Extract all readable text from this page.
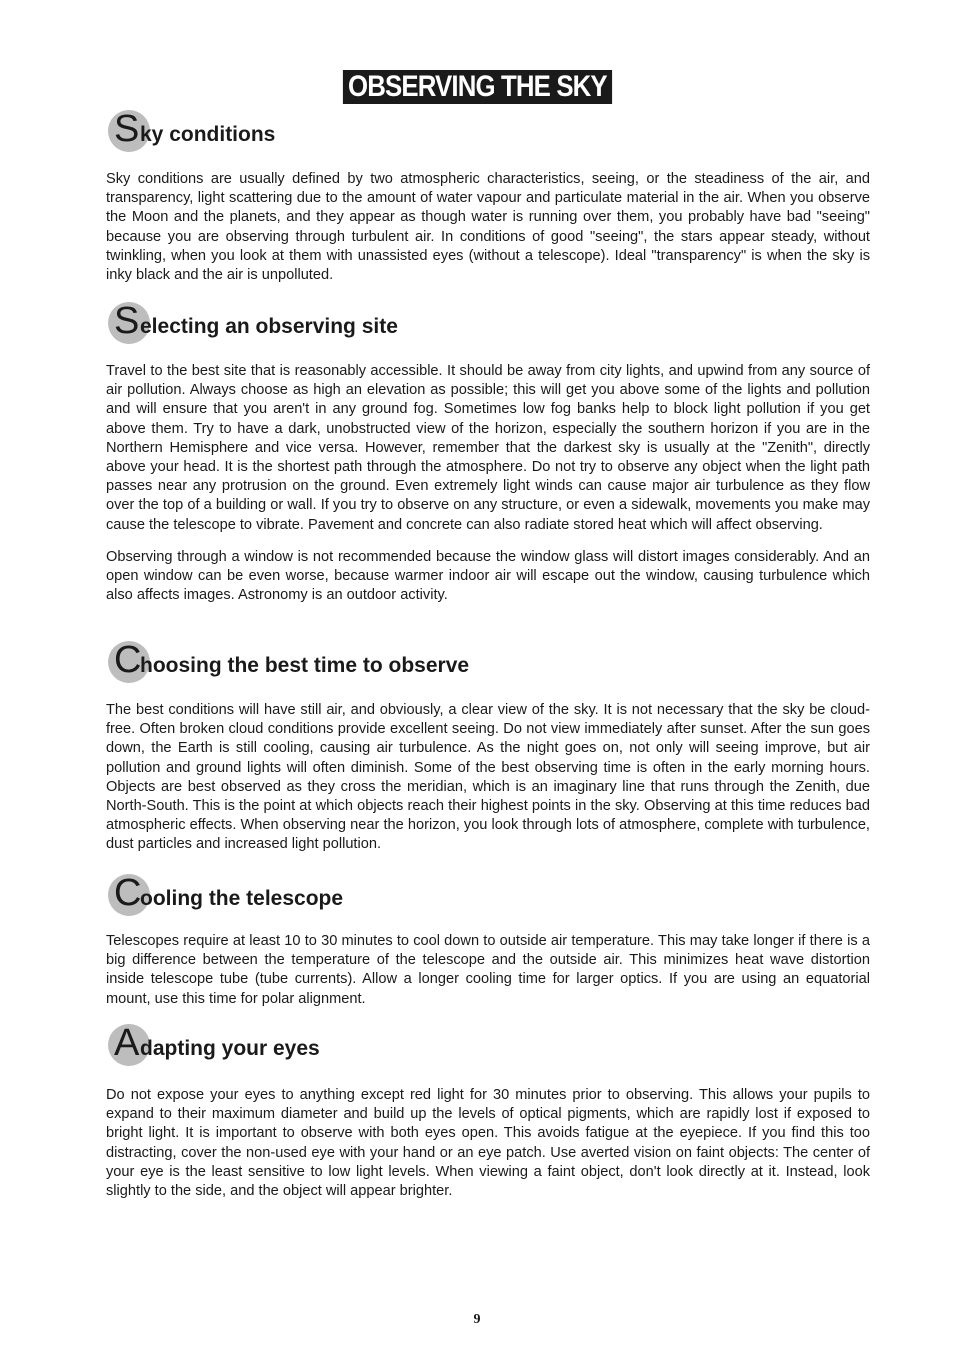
OBSERVING THE SKY
S ky conditions

Sky conditions are usually defined by two atmospheric characteristics, seeing, or the steadiness of the air, and transparency, light scattering due to the amount of water vapour and particulate material in the air. When you observe the Moon and the planets, and they appear as though water is running over them, you probably have bad "seeing" because you are observing through turbulent air. In conditions of good "seeing", the stars appear steady, without twinkling, when you look at them with unassisted eyes (without a telescope). Ideal "transparency" is when the sky is inky black and the air is unpolluted.

S electing an observing site

Travel to the best site that is reasonably accessible. It should be away from city lights, and upwind from any source of air pollution. Always choose as high an elevation as possible; this will get you above some of the lights and pollution and will ensure that you aren't in any ground fog. Sometimes low fog banks help to block light pollution if you get above them. Try to have a dark, unobstructed view of the horizon, especially the southern horizon if you are in the Northern Hemisphere and vice versa. However, remember that the darkest sky is usually at the "Zenith", directly above your head. It is the shortest path through the atmosphere. Do not try to observe any object when the light path passes near any protrusion on the ground. Even extremely light winds can cause major air turbulence as they flow over the top of a building or wall. If you try to observe on any structure, or even a sidewalk, movements you make may cause the telescope to vibrate. Pavement and concrete can also radiate stored heat which will affect observing.

Observing through a window is not recommended because the window glass will distort images considerably. And an open window can be even worse, because warmer indoor air will escape out the window, causing turbulence which also affects images. Astronomy is an outdoor activity.

C
hoosing the best time to observe

The best conditions will have still air, and obviously, a clear view of the sky. It is not necessary that the sky be cloud-free. Often broken cloud conditions provide excellent seeing. Do not view immediately after sunset. After the sun goes down, the Earth is still cooling, causing air turbulence. As the night goes on, not only will seeing improve, but air pollution and ground lights will often diminish. Some of the best observing time is often in the early morning hours. Objects are best observed as they cross the meridian, which is an imaginary line that runs through the Zenith, due North-South. This is the point at which objects reach their highest points in the sky. Observing at this time reduces bad atmospheric effects. When observing near the horizon, you look through lots of atmosphere, complete with turbulence, dust particles and increased light pollution.

C
ooling the telescope

Telescopes require at least 10 to 30 minutes to cool down to outside air temperature. This may take longer if there is a big difference between the temperature of the telescope and the outside air. This minimizes heat wave distortion inside telescope tube (tube currents). Allow a longer cooling time for larger optics. If you are using an equatorial mount, use this time for polar alignment.

A dapting your eyes

Do not expose your eyes to anything except red light for 30 minutes prior to observing. This allows your pupils to expand to their maximum diameter and build up the levels of optical pigments, which are rapidly lost if exposed to bright light. It is important to observe with both eyes open. This avoids fatigue at the eyepiece. If you find this too distracting, cover the non-used eye with your hand or an eye patch. Use averted vision on faint objects: The center of your eye is the least sensitive to low light levels. When viewing a faint object, don't look directly at it. Instead, look slightly to the side, and the object will appear brighter.

9
